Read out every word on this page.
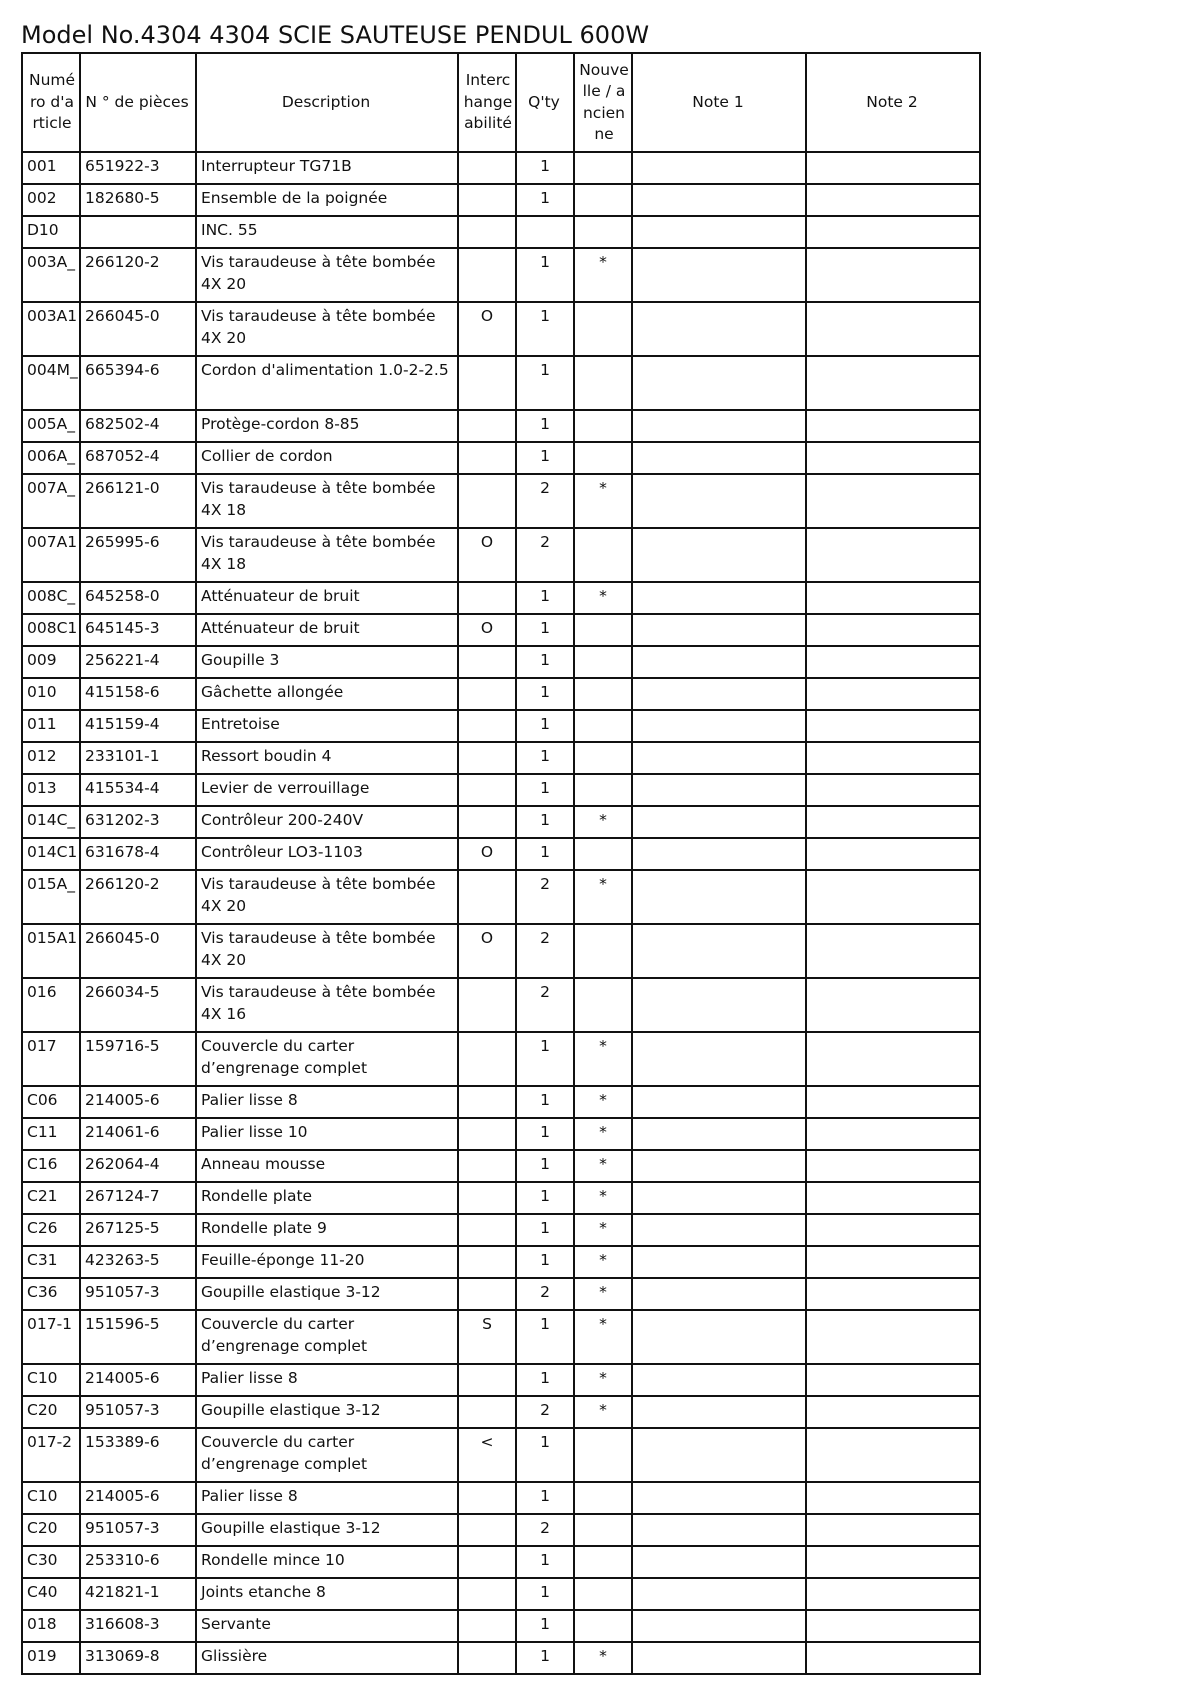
Model No.4304 4304 SCIE SAUTEUSE PENDUL 600W
Numéro d'article	N ° de pièces	Description	Interchangeabilité	Q'ty	Nouvelle / ancienne	Note 1	Note 2
001	651922-3	Interrupteur TG71B		1			
002	182680-5	Ensemble de la poignée		1			
D10		INC. 55					
003A_	266120-2	Vis taraudeuse à tête bombée 4X 20		1	*		
003A1	266045-0	Vis taraudeuse à tête bombée 4X 20	O	1			
004M_	665394-6	Cordon d'alimentation 1.0-2-2.5		1			
005A_	682502-4	Protège-cordon 8-85		1			
006A_	687052-4	Collier de cordon		1			
007A_	266121-0	Vis taraudeuse à tête bombée 4X 18		2	*		
007A1	265995-6	Vis taraudeuse à tête bombée 4X 18	O	2			
008C_	645258-0	Atténuateur de bruit		1	*		
008C1	645145-3	Atténuateur de bruit	O	1			
009	256221-4	Goupille 3		1			
010	415158-6	Gâchette allongée		1			
011	415159-4	Entretoise		1			
012	233101-1	Ressort boudin 4		1			
013	415534-4	Levier de verrouillage		1			
014C_	631202-3	Contrôleur 200-240V		1	*		
014C1	631678-4	Contrôleur LO3-1103	O	1			
015A_	266120-2	Vis taraudeuse à tête bombée 4X 20		2	*		
015A1	266045-0	Vis taraudeuse à tête bombée 4X 20	O	2			
016	266034-5	Vis taraudeuse à tête bombée 4X 16		2			
017	159716-5	Couvercle du carter d’engrenage complet		1	*		
C06	214005-6	Palier lisse 8		1	*		
C11	214061-6	Palier lisse 10		1	*		
C16	262064-4	Anneau mousse		1	*		
C21	267124-7	Rondelle plate		1	*		
C26	267125-5	Rondelle plate 9		1	*		
C31	423263-5	Feuille-éponge 11-20		1	*		
C36	951057-3	Goupille elastique 3-12		2	*		
017-1	151596-5	Couvercle du carter d’engrenage complet	S	1	*		
C10	214005-6	Palier lisse 8		1	*		
C20	951057-3	Goupille elastique 3-12		2	*		
017-2	153389-6	Couvercle du carter d’engrenage complet	<	1			
C10	214005-6	Palier lisse 8		1			
C20	951057-3	Goupille elastique 3-12		2			
C30	253310-6	Rondelle mince 10		1			
C40	421821-1	Joints etanche 8		1			
018	316608-3	Servante		1			
019	313069-8	Glissière		1	*		
